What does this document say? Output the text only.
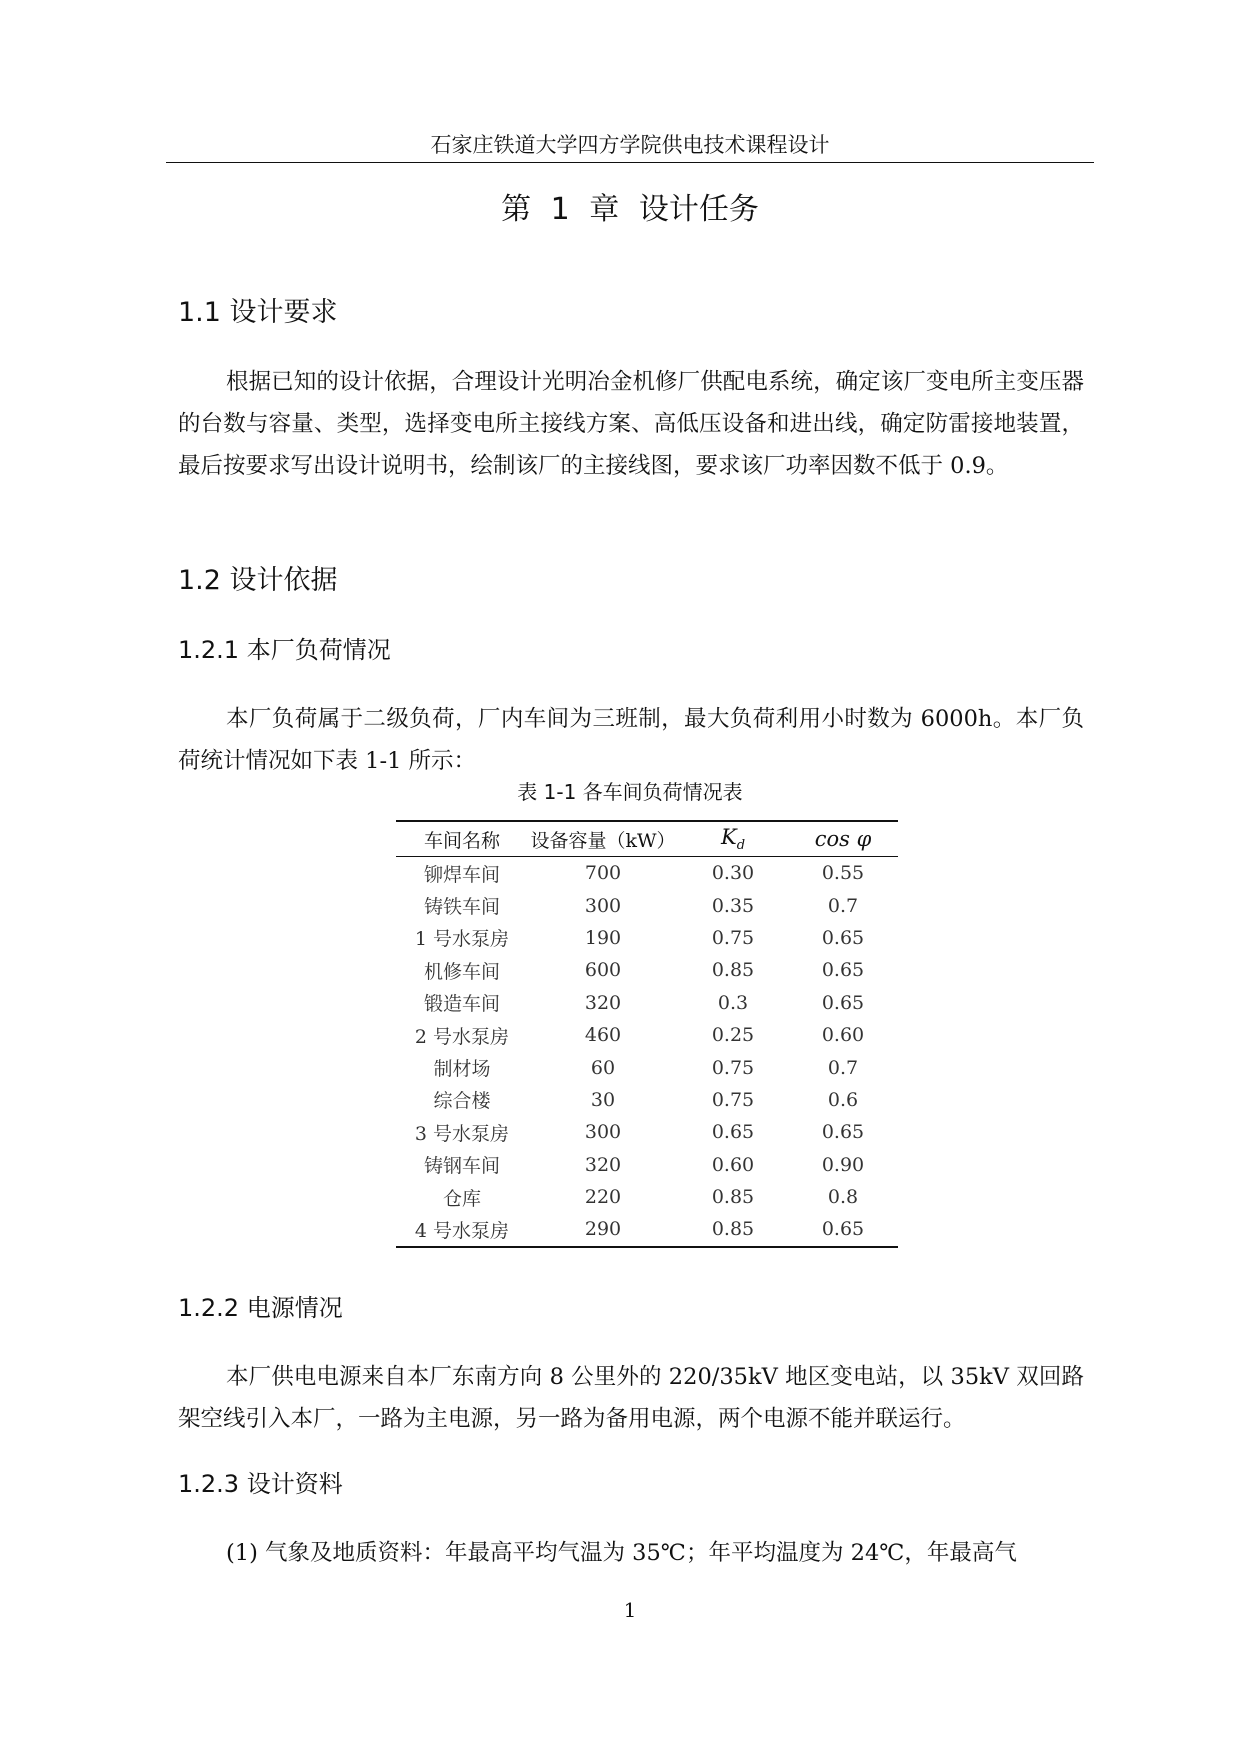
石家庄铁道大学四方学院供电技术课程设计
第 1 章 设计任务
1.1 设计要求

根据已知的设计依据，合理设计光明冶金机修厂供配电系统，确定该厂变电所主变压器的台数与容量、类型，选择变电所主接线方案、高低压设备和进出线，确定防雷接地装置，最后按要求写出设计说明书，绘制该厂的主接线图，要求该厂功率因数不低于 0.9。

1.2 设计依据
1.2.1 本厂负荷情况

本厂负荷属于二级负荷，厂内车间为三班制，最大负荷利用小时数为 6000h。本厂负荷统计情况如下表 1-1 所示：

表 1-1 各车间负荷情况表
车间名称	设备容量（kW）	$K_d$	cos φ
铆焊车间	700	0.30	0.55
铸铁车间	300	0.35	0.7
1 号水泵房	190	0.75	0.65
机修车间	600	0.85	0.65
锻造车间	320	0.3	0.65
2 号水泵房	460	0.25	0.60
制材场	60	0.75	0.7
综合楼	30	0.75	0.6
3 号水泵房	300	0.65	0.65
铸钢车间	320	0.60	0.90
仓库	220	0.85	0.8
4 号水泵房	290	0.85	0.65
1.2.2 电源情况

本厂供电电源来自本厂东南方向 8 公里外的 220/35kV 地区变电站，以 35kV 双回路架空线引入本厂，一路为主电源，另一路为备用电源，两个电源不能并联运行。

1.2.3 设计资料

(1) 气象及地质资料：年最高平均气温为 35℃；年平均温度为 24℃，年最高气

1
